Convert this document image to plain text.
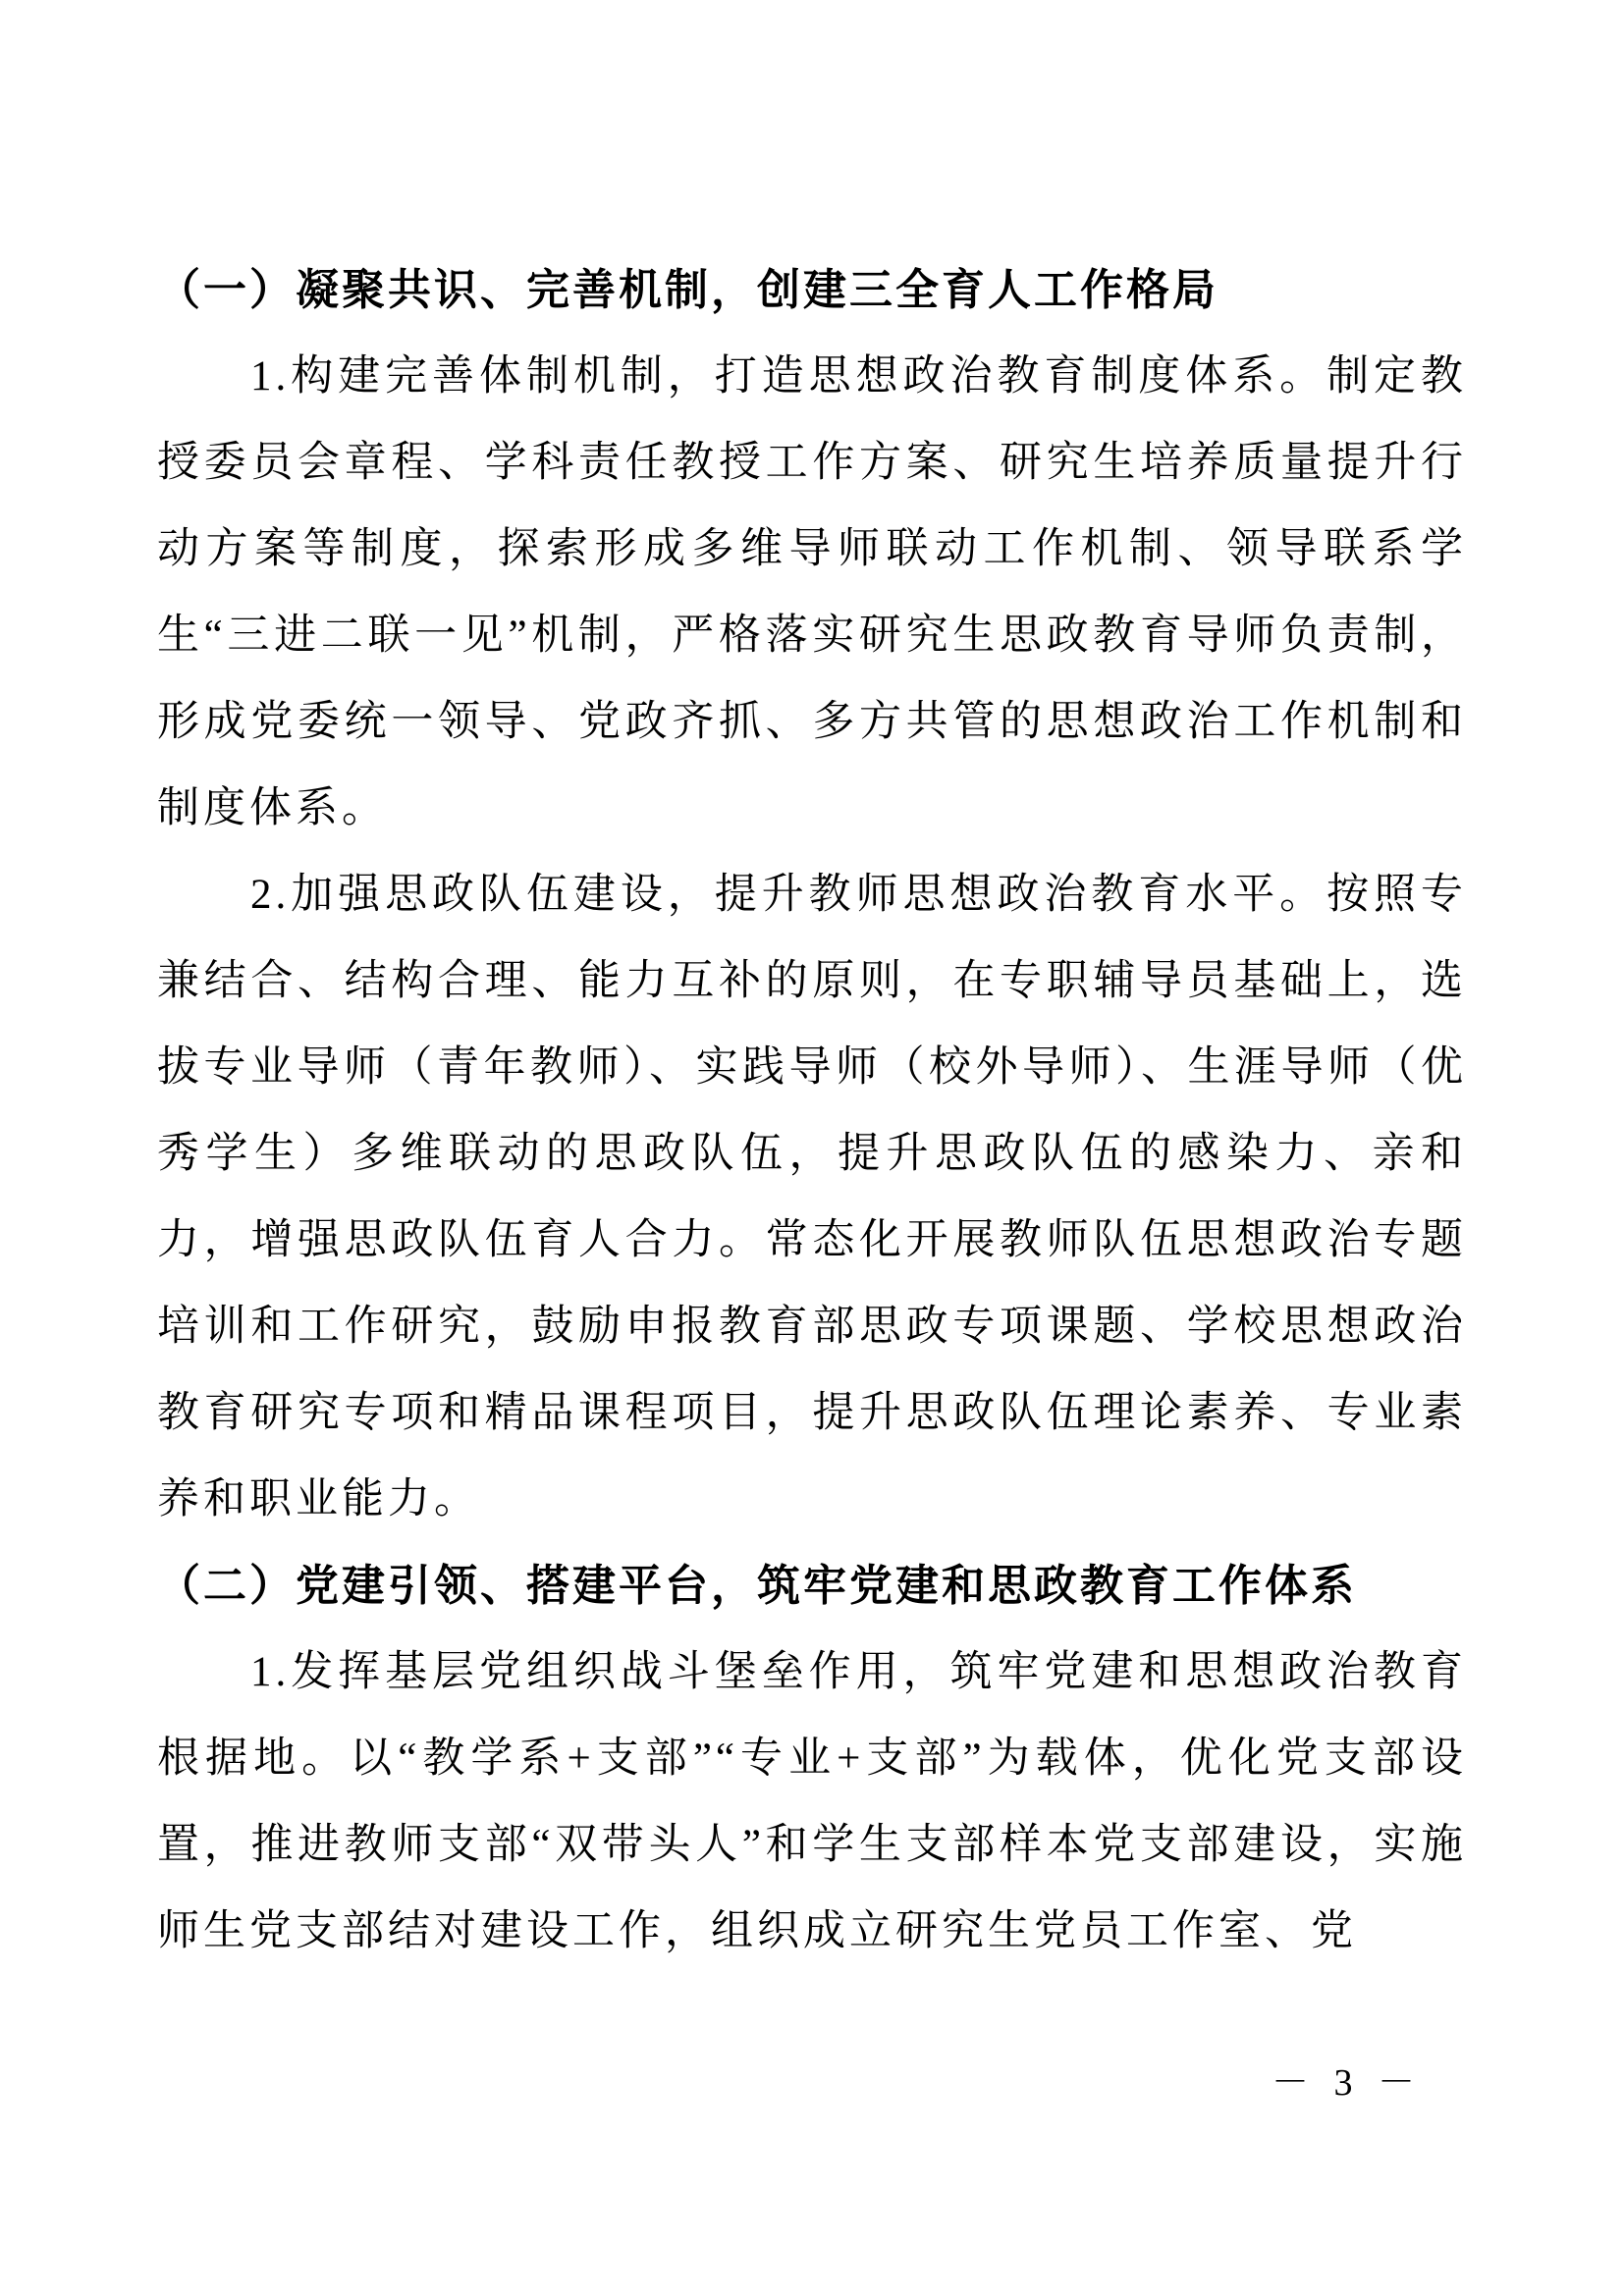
（一）凝聚共识、完善机制，创建三全育人工作格局

1.构建完善体制机制，打造思想政治教育制度体系。制定教授委员会章程、学科责任教授工作方案、研究生培养质量提升行动方案等制度，探索形成多维导师联动工作机制、领导联系学生“三进二联一见”机制，严格落实研究生思政教育导师负责制，形成党委统一领导、党政齐抓、多方共管的思想政治工作机制和制度体系。

2.加强思政队伍建设，提升教师思想政治教育水平。按照专兼结合、结构合理、能力互补的原则，在专职辅导员基础上，选拔专业导师（青年教师）、实践导师（校外导师）、生涯导师（优秀学生）多维联动的思政队伍，提升思政队伍的感染力、亲和力，增强思政队伍育人合力。常态化开展教师队伍思想政治专题培训和工作研究，鼓励申报教育部思政专项课题、学校思想政治教育研究专项和精品课程项目，提升思政队伍理论素养、专业素养和职业能力。

（二）党建引领、搭建平台，筑牢党建和思政教育工作体系

1.发挥基层党组织战斗堡垒作用，筑牢党建和思想政治教育根据地。以“教学系+支部”“专业+支部”为载体，优化党支部设置，推进教师支部“双带头人”和学生支部样本党支部建设，实施师生党支部结对建设工作，组织成立研究生党员工作室、党

－ 3 －
